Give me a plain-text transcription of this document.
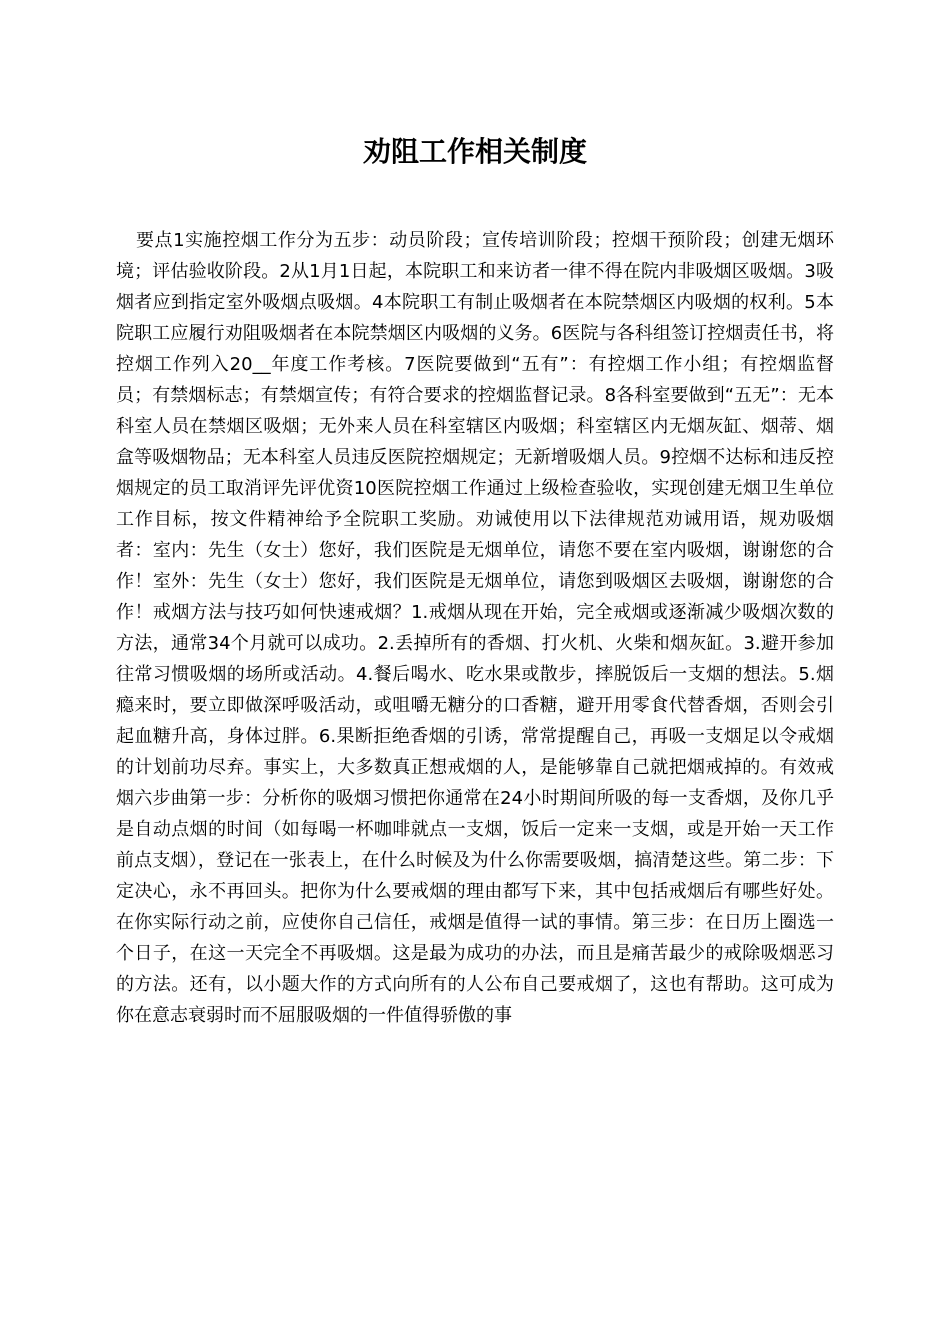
劝阻工作相关制度

要点1实施控烟工作分为五步：动员阶段；宣传培训阶段；控烟干预阶段；创建无烟环境；评估验收阶段。2从1月1日起，本院职工和来访者一律不得在院内非吸烟区吸烟。3吸烟者应到指定室外吸烟点吸烟。4本院职工有制止吸烟者在本院禁烟区内吸烟的权利。5本院职工应履行劝阻吸烟者在本院禁烟区内吸烟的义务。6医院与各科组签订控烟责任书，将控烟工作列入20__年度工作考核。7医院要做到“五有”：有控烟工作小组；有控烟监督员；有禁烟标志；有禁烟宣传；有符合要求的控烟监督记录。8各科室要做到“五无”：无本科室人员在禁烟区吸烟；无外来人员在科室辖区内吸烟；科室辖区内无烟灰缸、烟蒂、烟盒等吸烟物品；无本科室人员违反医院控烟规定；无新增吸烟人员。9控烟不达标和违反控烟规定的员工取消评先评优资10医院控烟工作通过上级检查验收，实现创建无烟卫生单位工作目标，按文件精神给予全院职工奖励。劝诫使用以下法律规范劝诫用语，规劝吸烟者：室内：先生（女士）您好，我们医院是无烟单位，请您不要在室内吸烟，谢谢您的合作！室外：先生（女士）您好，我们医院是无烟单位，请您到吸烟区去吸烟，谢谢您的合作！戒烟方法与技巧如何快速戒烟？1.戒烟从现在开始，完全戒烟或逐渐减少吸烟次数的方法，通常34个月就可以成功。2.丢掉所有的香烟、打火机、火柴和烟灰缸。3.避开参加往常习惯吸烟的场所或活动。4.餐后喝水、吃水果或散步，摔脱饭后一支烟的想法。5.烟瘾来时，要立即做深呼吸活动，或咀嚼无糖分的口香糖，避开用零食代替香烟，否则会引起血糖升高，身体过胖。6.果断拒绝香烟的引诱，常常提醒自己，再吸一支烟足以令戒烟的计划前功尽弃。事实上，大多数真正想戒烟的人，是能够靠自己就把烟戒掉的。有效戒烟六步曲第一步：分析你的吸烟习惯把你通常在24小时期间所吸的每一支香烟，及你几乎是自动点烟的时间（如每喝一杯咖啡就点一支烟，饭后一定来一支烟，或是开始一天工作前点支烟），登记在一张表上，在什么时候及为什么你需要吸烟，搞清楚这些。第二步：下定决心，永不再回头。把你为什么要戒烟的理由都写下来，其中包括戒烟后有哪些好处。在你实际行动之前，应使你自己信任，戒烟是值得一试的事情。第三步：在日历上圈选一个日子，在这一天完全不再吸烟。这是最为成功的办法，而且是痛苦最少的戒除吸烟恶习的方法。还有，以小题大作的方式向所有的人公布自己要戒烟了，这也有帮助。这可成为你在意志衰弱时而不屈服吸烟的一件值得骄傲的事
